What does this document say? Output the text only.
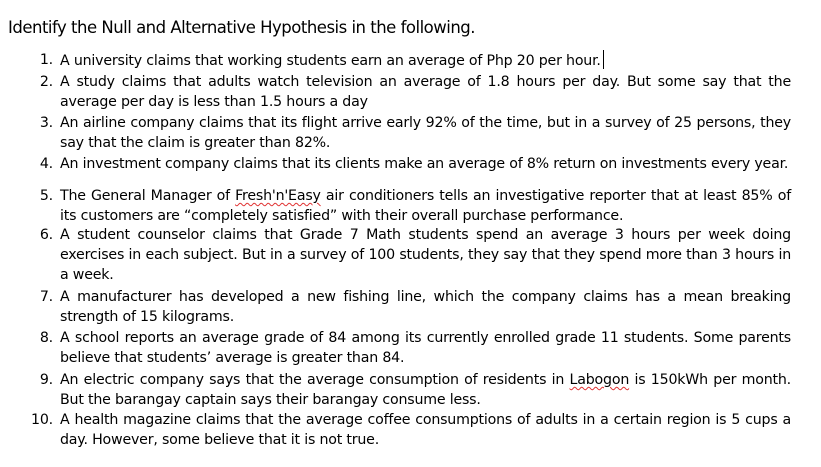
Identify the Null and Alternative Hypothesis in the following.
1. A university claims that working students earn an average of Php 20 per hour.
2. A study claims that adults watch television an average of 1.8 hours per day. But some say that the average per day is less than 1.5 hours a day
3. An airline company claims that its flight arrive early 92% of the time, but in a survey of 25 persons, they say that the claim is greater than 82%.
4. An investment company claims that its clients make an average of 8% return on investments every year.
5. The General Manager of Fresh'n'Easy air conditioners tells an investigative reporter that at least 85% of its customers are “completely satisfied” with their overall purchase performance.
6. A student counselor claims that Grade 7 Math students spend an average 3 hours per week doing exercises in each subject. But in a survey of 100 students, they say that they spend more than 3 hours in a week.
7. A manufacturer has developed a new fishing line, which the company claims has a mean breaking strength of 15 kilograms.
8. A school reports an average grade of 84 among its currently enrolled grade 11 students. Some parents believe that students’ average is greater than 84.
9. An electric company says that the average consumption of residents in Labogon is 150kWh per month. But the barangay captain says their barangay consume less.
10. A health magazine claims that the average coffee consumptions of adults in a certain region is 5 cups a day. However, some believe that it is not true.
